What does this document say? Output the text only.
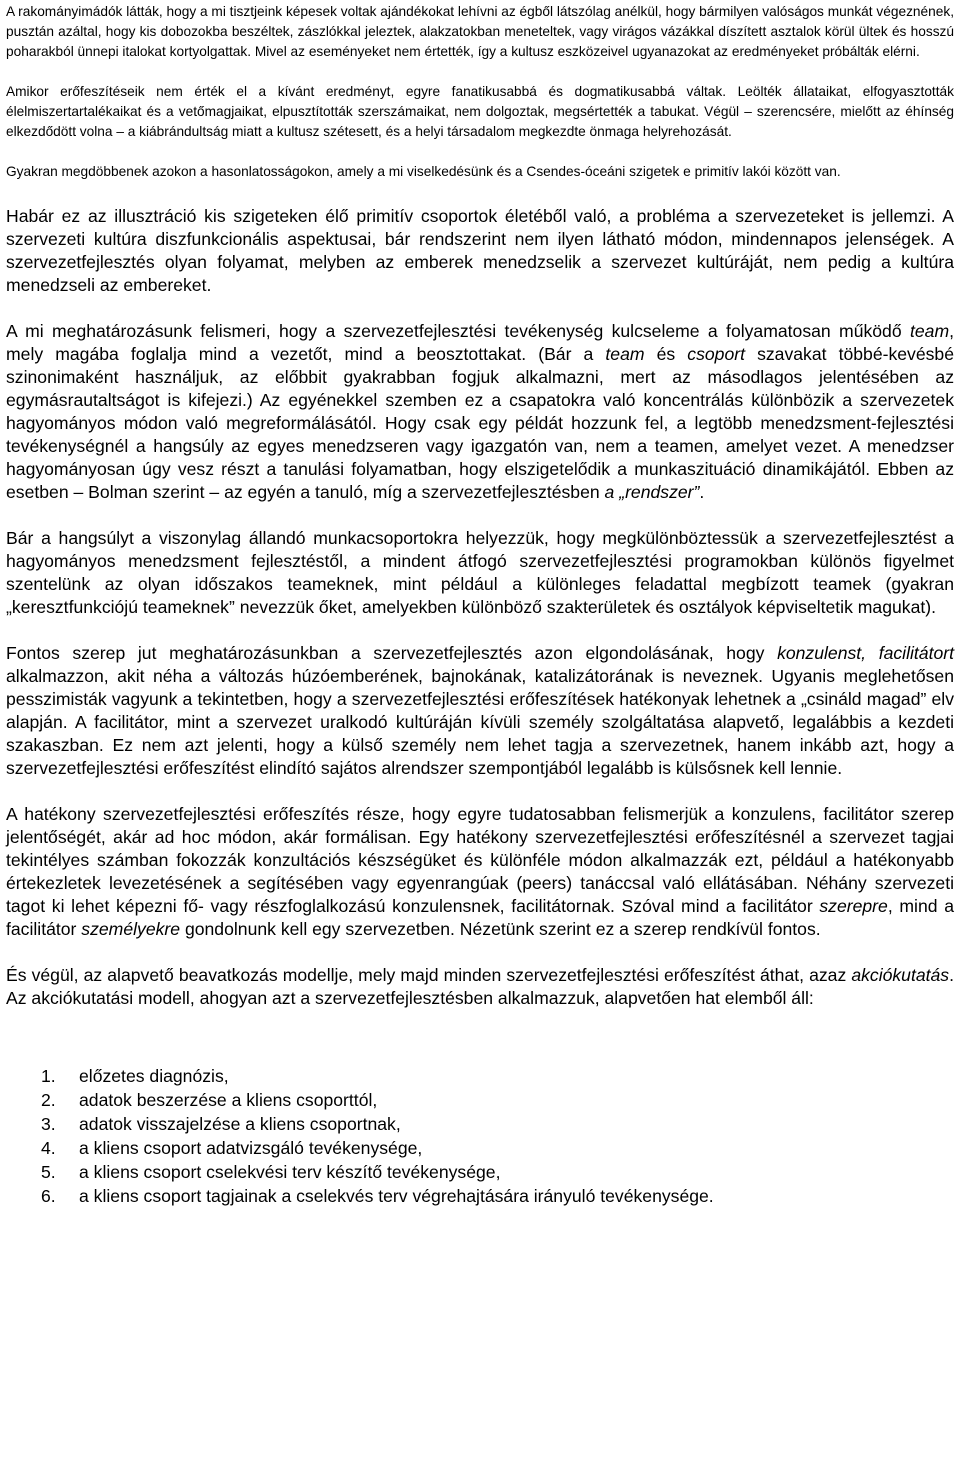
A rakományimádók látták, hogy a mi tisztjeink képesek voltak ajándékokat lehívni az égből látszólag anélkül, hogy bármilyen valóságos munkát végeznének, pusztán azáltal, hogy kis dobozokba beszéltek, zászlókkal jeleztek, alakzatokban meneteltek, vagy virágos vázákkal díszített asztalok körül ültek és hosszú poharakból ünnepi italokat kortyolgattak. Mivel az eseményeket nem értették, így a kultusz eszközeivel ugyanazokat az eredményeket próbálták elérni.

Amikor erőfeszítéseik nem érték el a kívánt eredményt, egyre fanatikusabbá és dogmatikusabbá váltak. Leölték állataikat, elfogyasztották élelmiszertartalékaikat és a vetőmagjaikat, elpusztították szerszámaikat, nem dolgoztak, megsértették a tabukat. Végül – szerencsére, mielőtt az éhínség elkezdődött volna – a kiábrándultság miatt a kultusz szétesett, és a helyi társadalom megkezdte önmaga helyrehozását.

Gyakran megdöbbenek azokon a hasonlatosságokon, amely a mi viselkedésünk és a Csendes-óceáni szigetek e primitív lakói között van.

Habár ez az illusztráció kis szigeteken élő primitív csoportok életéből való, a probléma a szervezeteket is jellemzi. A szervezeti kultúra diszfunkcionális aspektusai, bár rendszerint nem ilyen látható módon, mindennapos jelenségek. A szervezetfejlesztés olyan folyamat, melyben az emberek menedzselik a szervezet kultúráját, nem pedig a kultúra menedzseli az embereket.

A mi meghatározásunk felismeri, hogy a szervezetfejlesztési tevékenység kulcseleme a folyamatosan működő team, mely magába foglalja mind a vezetőt, mind a beosztottakat. (Bár a team és csoport szavakat többé-kevésbé szinonimaként használjuk, az előbbit gyakrabban fogjuk alkalmazni, mert az másodlagos jelentésében az egymásrautaltságot is kifejezi.) Az egyénekkel szemben ez a csapatokra való koncentrálás különbözik a szervezetek hagyományos módon való megreformálásától. Hogy csak egy példát hozzunk fel, a legtöbb menedzsment-fejlesztési tevékenységnél a hangsúly az egyes menedzseren vagy igazgatón van, nem a teamen, amelyet vezet. A menedzser hagyományosan úgy vesz részt a tanulási folyamatban, hogy elszigetelődik a munkaszituáció dinamikájától. Ebben az esetben – Bolman szerint – az egyén a tanuló, míg a szervezetfejlesztésben a „rendszer”.

Bár a hangsúlyt a viszonylag állandó munkacsoportokra helyezzük, hogy megkülönböztessük a szervezetfejlesztést a hagyományos menedzsment fejlesztéstől, a mindent átfogó szervezetfejlesztési programokban különös figyelmet szentelünk az olyan időszakos teameknek, mint például a különleges feladattal megbízott teamek (gyakran „keresztfunkciójú teameknek” nevezzük őket, amelyekben különböző szakterületek és osztályok képviseltetik magukat).

Fontos szerep jut meghatározásunkban a szervezetfejlesztés azon elgondolásának, hogy konzulenst, facilitátort alkalmazzon, akit néha a változás húzóemberének, bajnokának, katalizátorának is neveznek. Ugyanis meglehetősen pesszimisták vagyunk a tekintetben, hogy a szervezetfejlesztési erőfeszítések hatékonyak lehetnek a „csináld magad” elv alapján. A facilitátor, mint a szervezet uralkodó kultúráján kívüli személy szolgáltatása alapvető, legalábbis a kezdeti szakaszban. Ez nem azt jelenti, hogy a külső személy nem lehet tagja a szervezetnek, hanem inkább azt, hogy a szervezetfejlesztési erőfeszítést elindító sajátos alrendszer szempontjából legalább is külsősnek kell lennie.

A hatékony szervezetfejlesztési erőfeszítés része, hogy egyre tudatosabban felismerjük a konzulens, facilitátor szerep jelentőségét, akár ad hoc módon, akár formálisan. Egy hatékony szervezetfejlesztési erőfeszítésnél a szervezet tagjai tekintélyes számban fokozzák konzultációs készségüket és különféle módon alkalmazzák ezt, például a hatékonyabb értekezletek levezetésének a segítésében vagy egyenrangúak (peers) tanáccsal való ellátásában. Néhány szervezeti tagot ki lehet képezni fő- vagy részfoglalkozású konzulensnek, facilitátornak. Szóval mind a facilitátor szerepre, mind a facilitátor személyekre gondolnunk kell egy szervezetben. Nézetünk szerint ez a szerep rendkívül fontos.

És végül, az alapvető beavatkozás modellje, mely majd minden szervezetfejlesztési erőfeszítést áthat, azaz akciókutatás. Az akciókutatási modell, ahogyan azt a szervezetfejlesztésben alkalmazzuk, alapvetően hat elemből áll:

1.	előzetes diagnózis,
2.	adatok beszerzése a kliens csoporttól,
3.	adatok visszajelzése a kliens csoportnak,
4.	a kliens csoport adatvizsgáló tevékenysége,
5.	a kliens csoport cselekvési terv készítő tevékenysége,
6.	a kliens csoport tagjainak a cselekvés terv végrehajtására irányuló tevékenysége.
